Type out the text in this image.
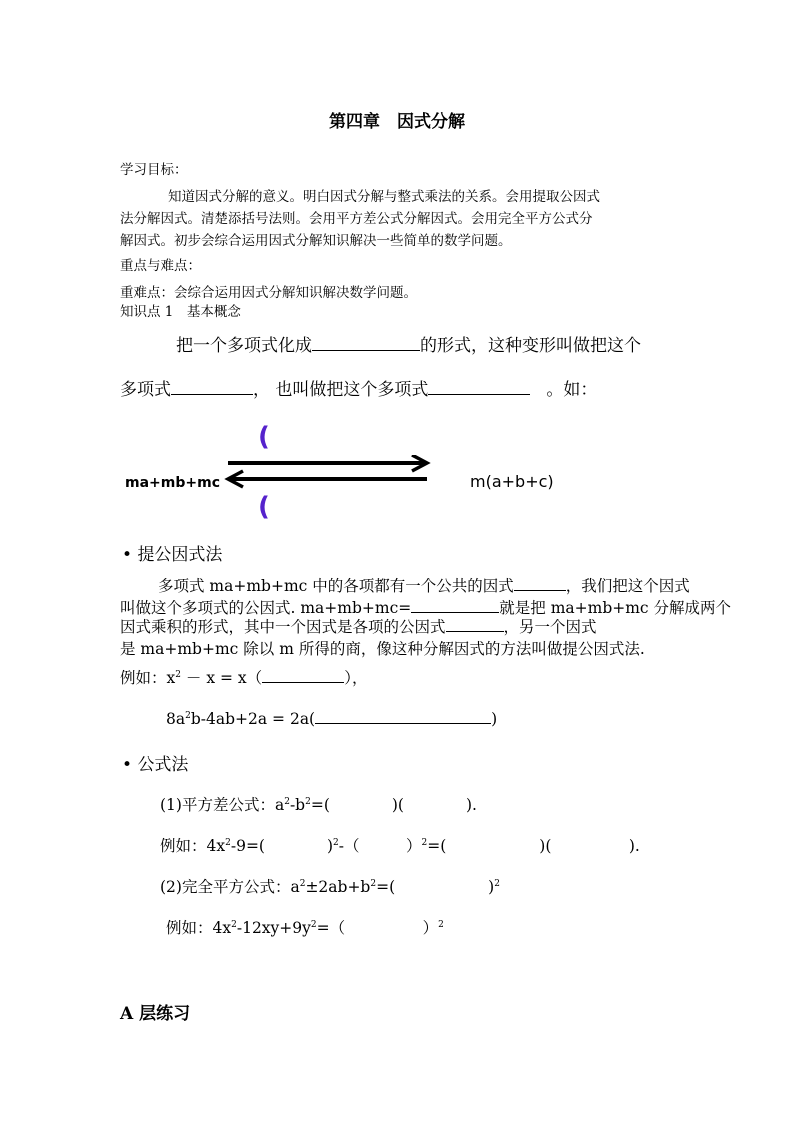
第四章　因式分解
学习目标：
知道因式分解的意义。明白因式分解与整式乘法的关系。会用提取公因式
法分解因式。清楚添括号法则。会用平方差公式分解因式。会用完全平方公式分
解因式。初步会综合运用因式分解知识解决一些简单的数学问题。
重点与难点：
重难点：会综合运用因式分解知识解决数学问题。
知识点 1　基本概念
把一个多项式化成	的形式，这种变形叫做把这个
多项式	， 也叫做把这个多项式	。如：
(
ma+mb+mc	m(a+b+c)
(
• 提公因式法
多项式 ma+mb+mc 中的各项都有一个公共的因式	，我们把这个因式
叫做这个多项式的公因式. ma+mb+mc=	就是把 ma+mb+mc 分解成两个
因式乘积的形式，其中一个因式是各项的公因式	，另一个因式
是 ma+mb+mc 除以 m 所得的商，像这种分解因式的方法叫做提公因式法.
例如：$x^2 - x = x$（	），
$8a^2b-4ab+2a = 2a$(	)
• 公式法
(1)平方差公式：$a^2-b^2=$(　　　　)(　　　　).
例如：$4x^2-9=$(　　　　)$^2$-（　　　）$^2$=(　　　　　　)(　　　　　).
(2)完全平方公式：$a^2\pm 2ab+b^2=$(　　　　　　)$^2$
例如：$4x^2-12xy+9y^2=$（　　　　　）$^2$
A 层练习
